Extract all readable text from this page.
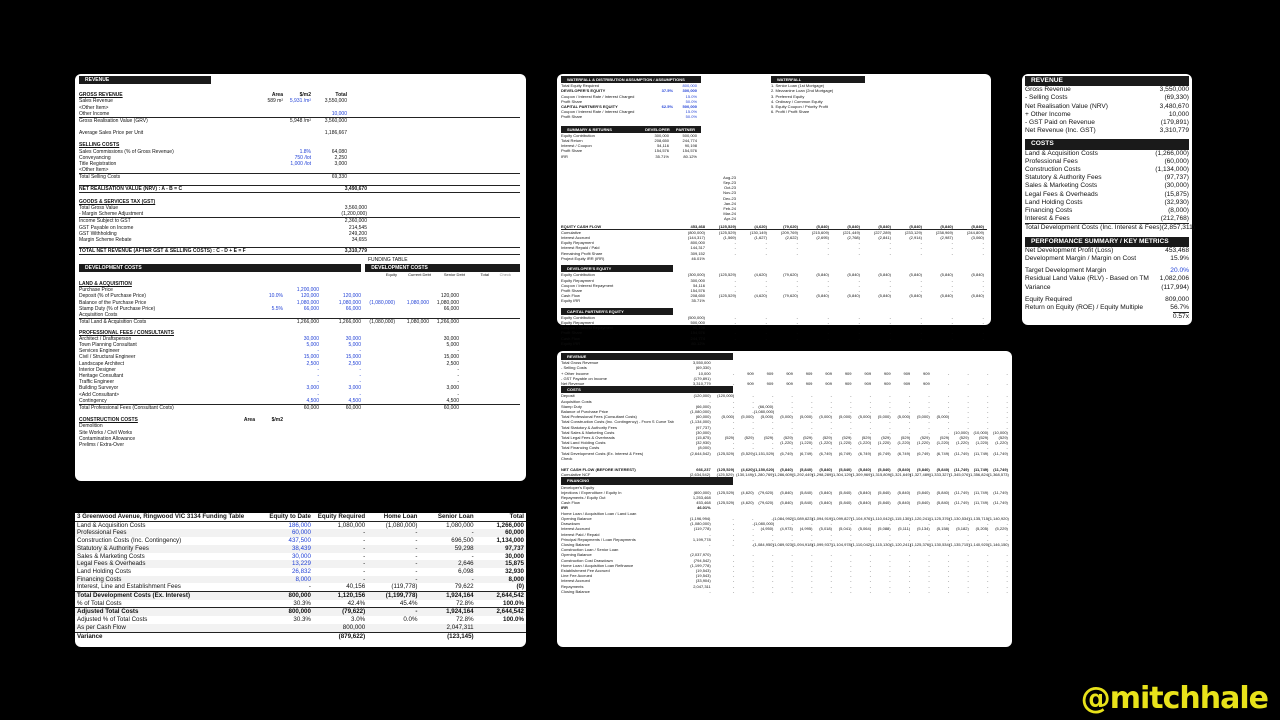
REVENUE
GROSS REVENUE	Area	$/m2	Total
Sales Revenue	589 m²	5,931 /m²	3,550,000
<Other Item>
Other Income	10,000
Gross Realisation Value (GRV)	5,948 /m²	3,560,000
Average Sales Price per Unit	1,186,667
SELLING COSTS
Sales Commissions (% of Gross Revenue)	1.8%	64,080
Conveyancing	750 /lot	2,250
Title Registration	1,000 /lot	3,000
<Other Item>
Total Selling Costs	69,330
NET REALISATION VALUE (NRV) : A - B = C	3,490,670
GOODS & SERVICES TAX (GST)
Total Gross Value	3,560,000
- Margin Scheme Adjustment	(1,200,000)
Income Subject to GST	2,360,000
GST Payable on Income	214,545
GST Withholding	249,200
Margin Scheme Rebate	34,655
TOTAL NET REVENUE (AFTER GST & SELLING COSTS) : C - D + E = F	3,310,779
FUNDING TABLE
DEVELOPMENT COSTS	DEVELOPMENT COSTS
Equity	Current Debt	Senior Debt	Total	Check
LAND & ACQUISITION
Purchase Price	1,200,000
Deposit (% of Purchase Price)	10.0%	120,000	120,000	120,000
Balance of the Purchase Price	1,080,000	1,080,000	(1,080,000)	1,080,000	1,080,000
Stamp Duty (% of Purchase Price)	5.5%	66,000	66,000	66,000
Acquisition Costs
Total Land & Acquisition Costs	1,266,000	1,266,000	(1,080,000)	1,080,000	1,266,000
PROFESSIONAL FEES / CONSULTANTS
Architect / Draftsperson	30,000	30,000	30,000
Town Planning Consultant	5,000	5,000	5,000
Services Engineer	-	-	-
Civil / Structural Engineer	15,000	15,000	15,000
Landscape Architect	2,500	2,500	2,500
Interior Designer	-	-	-
Heritage Consultant	-	-	-
Traffic Engineer	-	-	-
Building Surveyor	3,000	3,000	3,000
<Add Consultant>	-	-	-
Contingency	4,500	4,500	4,500
Total Professional Fees (Consultant Costs)	60,000	60,000	60,000
CONSTRUCTION COSTS	Area	$/m2
Demolition
Site Works / Civil Works
Contamination Allowance
Prelims / Extra-Over
3 Greenwood Avenue, Ringwood VIC 3134 Funding Table	Equity to Date	Equity Required	Home Loan	Senior Loan	Total
Land & Acquisition Costs	186,000	1,080,000	(1,080,000)	1,080,000	1,266,000
Professional Fees	60,000	-	-	-	60,000
Construction Costs (Inc. Contingency)	437,500	-	-	696,500	1,134,000
Statutory & Authority Fees	38,439	-	-	59,298	97,737
Sales & Marketing Costs	30,000	-	-	-	30,000
Legal Fees & Overheads	13,229	-	-	2,646	15,875
Land Holding Costs	26,832	-	-	6,098	32,930
Financing Costs	8,000	-	-	-	8,000
Interest, Line and Establishment Fees	-	40,156	(119,778)	79,622	(0)
Total Development Costs (Ex. Interest)	800,000	1,120,156	(1,199,778)	1,924,164	2,644,542
% of Total Costs	30.3%	42.4%	45.4%	72.8%	100.0%
Adjusted Total Costs	800,000	(79,622)	-	1,924,164	2,644,542
Adjusted % of Total Costs	30.3%	3.0%	0.0%	72.8%	100.0%
As per Cash Flow	800,000	2,047,311
Variance	(879,622)	(123,145)
REVENUE
Gross Revenue	3,550,000
- Selling Costs	(69,330)
Net Realisation Value (NRV)	3,480,670
+ Other Income	10,000
- GST Paid on Revenue	(179,891)
Net Revenue (Inc. GST)	3,310,779
COSTS
Land & Acquisition Costs	(1,266,000)
Professional Fees	(60,000)
Construction Costs	(1,134,000)
Statutory & Authority Fees	(97,737)
Sales & Marketing Costs	(30,000)
Legal Fees & Overheads	(15,875)
Land Holding Costs	(32,930)
Financing Costs	(8,000)
Interest & Fees	(212,768)
Total Development Costs (Inc. Interest & Fees) (2,857,311)
PERFORMANCE SUMMARY / KEY METRICS
Net Development Profit (Loss)	453,468
Development Margin / Margin on Cost	15.9%
Target Development Margin	20.0%
Residual Land Value (RLV) - Based on TM 1,082,006
Variance	(117,994)
Equity Required	809,000
Return on Equity (ROE) / Equity Multiple	56.7%
0.57x
WATERFALL & DISTRIBUTION ASSUMPTION / ASSUMPTIONS
Total Equity Required	800,000
DEVELOPER'S EQUITY	37.5%	300,000
Coupon / Interest Rate / Interest Charged	15.0%
Profit Share	50.0%
CAPITAL PARTNER'S EQUITY	62.5%	500,000
Coupon / Interest Rate / Interest Charged	15.0%
Profit Share	50.0%
SUMMARY & RETURNS	DEVELOPER	PARTNER
Equity Contribution	300,000	500,000
Total Return	208,650	244,774
Interest / Coupon	54,116	90,198
Profit Share	154,576	154,576
IRR	35.71%	80.12%
WATERFALL
1. Senior Loan (1st Mortgage)
2. Mezzanine Loan (2nd Mortgage)
3. Preferred Equity
4. Ordinary / Common Equity
5. Equity Coupon / Priority Profit
6. Profit / Profit Share
Aug-23
Sep-23
Oct-23
Nov-23
Dec-23
Jan-24
Feb-24
Mar-24
Apr-24
EQUITY CASH FLOW	453,468	(125,529)	(4,620)	(79,620)	(5,840)	(5,840)	(5,840)	(5,840)	(5,840)	(5,840)
Cumulative	(800,000)	(125,529)	(130,149)	(209,769)	(215,609)	(221,449)	(227,289)	(233,129)	(238,969)	(244,809)
Interest Accrued	(144,317)	(1,569)	(1,627)	(2,622)	(2,695)	(2,768)	(2,841)	(2,914)	(2,987)	(3,060)
Equity Repayment	800,000	-	-	-	-	-	-	-	-	-
Interest Repaid / Paid	144,317	-	-	-	-	-	-	-	-	-
Remaining Profit Share	309,152	-	-	-	-	-	-	-	-	-
Project Equity IRR (IRR)	46.01%
DEVELOPER'S EQUITY
Equity Contribution	(300,000)	(125,529)	(4,620)	(79,620)	(5,840)	(5,840)	(5,840)	(5,840)	(5,840)	(5,840)
Equity Repayment	300,000	-	-	-	-	-	-	-	-	-
Coupon / Interest Repayment	54,116	-	-	-	-	-	-	-	-	-
Profit Share	154,576	-	-	-	-	-	-	-	-	-
Cash Flow	208,650	(125,529)	(4,620)	(79,620)	(5,840)	(5,840)	(5,840)	(5,840)	(5,840)	(5,840)
Equity IRR	35.71%
CAPITAL PARTNER'S EQUITY
Equity Contribution	(500,000)	-	-	-	-	-	-	-	-	-
Equity Repayment	500,000	-	-	-	-	-	-	-	-	-
Coupon / Interest Repayment	90,198	-	-	-	-	-	-	-	-	-
Profit Share	154,576	-	-	-	-	-	-	-	-	-
Cash Flow	244,774	-	-	-	-	-	-	-	-	-
Equity IRR	80.12%
REVENUE
Total Gross Revenue	3,550,000
- Selling Costs	(69,330)
+ Other Income	10,000	-	909	909	909	909	909	909	909	909	909	909	-	-	-	-
- GST Payable on Income	(179,891)
Net Revenue	3,310,779	-	909	909	909	909	909	909	909	909	909	909	-	-	-	-
COSTS
Deposit	(120,000)	(120,000)	-	-	-	-	-	-	-	-	-	-	-	-	-	-
Acquisition Costs	-	-	-	-	-	-	-	-	-	-	-	-	-	-	-	-
Stamp Duty	(66,000)	-	-	(66,000)	-	-	-	-	-	-	-	-	-	-	-	-
Balance of Purchase Price	(1,080,000)	-	- (1,080,000)	-	-	-	-	-	-	-	-	-	-	-	-
Total Professional Fees (Consultant Costs)	(60,000)	(5,000)	(5,000)	(5,000)	(5,000)	(5,000)	(5,000)	(5,000)	(5,000)	(5,000)	(5,000)	(5,000)	(5,000)	-	-	-
Total Construction Costs (Inc. Contingency) - From S Curve Tab	(1,134,000)	-	-	-	-	-	-	-	-	-	-	-	-	-	-	-
Total Statutory & Authority Fees	(97,737)	-	-	-	-	-	-	-	-	-	-	-	-	-	-	-
Total Sales & Marketing Costs	(30,000)	-	-	-	-	-	-	-	-	-	-	-	-	(10,000)	(10,000)	(10,000)
Total Legal Fees & Overheads	(15,875)	(529)	(529)	(529)	(529)	(529)	(529)	(529)	(529)	(529)	(529)	(529)	(529)	(529)	(529)	(529)
Total Land Holding Costs	(32,930)	-	-	-	(1,220)	(1,220)	(1,220)	(1,220)	(1,220)	(1,220)	(1,220)	(1,220)	(1,220)	(1,220)	(1,220)	(1,220)
Total Financing Costs	(8,000)	-	-	-	-	-	-	-	-	-	-	-	-	-	-	-
Total Development Costs (Ex. Interest & Fees)	(2,644,542)	(125,529)	(5,529) (1,151,529)	(6,749)	(6,749)	(6,749)	(6,749)	(6,749)	(6,749)	(6,749)	(6,749)	(6,749)	(11,749)	(11,749)	(11,749)
Check
NET CASH FLOW (BEFORE INTEREST)	666,237	(125,529)	(4,620) (1,150,620)	(5,840)	(5,840)	(5,840)	(5,840)	(5,840)	(5,840)	(5,840)	(5,840)	(5,840)	(11,749)	(11,749)	(11,749)
Cumulative NCF	(2,634,542)	(125,529) (130,149) (1,280,769) (1,286,609) (1,292,449) (1,298,289) (1,304,129) (1,309,969) (1,315,809) (1,321,649) (1,327,489) (1,333,327) (1,345,076) (1,356,824) (1,368,573)
FINANCING
Developer's Equity
Injections / Expenditure / Equity In	(800,000)	(125,529)	(4,620)	(79,620)	(5,840)	(5,840)	(5,840)	(5,840)	(5,840)	(5,840)	(5,840)	(5,840)	(5,840)	(11,749)	(11,749)	(11,749)
Repayments / Equity Out	1,253,468
Cash Flow	453,468	(125,529)	(4,620)	(79,620)	(5,840)	(5,840)	(5,840)	(5,840)	(5,840)	(5,840)	(5,840)	(5,840)	(5,840)	(11,749)	(11,749)	(11,749)
IRR	46.01%
Home Loan / Acquisition Loan / Land Loan
Opening Balance	(1,196,994)	-	-	- (1,084,992) (1,089,623) (1,094,919) (1,099,827) (1,104,976) (1,110,042) (1,115,130) (1,120,241) (1,125,376) (1,130,534) (1,135,715) (1,140,920)
Drawdown	(1,080,000)	-	- (1,080,000)	-	-	-	-	-	-	-	-	-	-	-	-
Interest Accrued	(119,778)	-	-	(4,950)	(4,973)	(4,995)	(5,018)	(5,041)	(5,064)	(5,088)	(5,111)	(5,134)	(5,158)	(5,182)	(5,205)	(5,229)
Interest Paid / Repaid	-	-	-	-	-	-	-	-	-	-	-	-	-	-	-	-
Principal Repayments / Loan Repayments	1,199,778	-	-	-	-	-	-	-	-	-	-	-	-	-	-	-
Closing Balance	-	-	- (1,084,950) (1,089,923) (1,094,918) (1,099,937) (1,104,978) (1,110,042) (1,115,130) (1,120,241) (1,125,376) (1,130,534) (1,135,715) (1,140,920) (1,146,150)
Construction Loan / Senior Loan
Opening Balance	(2,037,970)	-	-	-	-	-	-	-	-	-	-	-	-	-	-	-
Construction Cost Drawdown	(794,542)	-	-	-	-	-	-	-	-	-	-	-	-	-	-	-
Home Loan / Acquisition Loan Refinance	(1,199,778)	-	-	-	-	-	-	-	-	-	-	-	-	-	-	-
Establishment Fee Accrued	(19,543)	-	-	-	-	-	-	-	-	-	-	-	-	-	-	-
Line Fee Accrued	(19,543)	-	-	-	-	-	-	-	-	-	-	-	-	-	-	-
Interest Accrued	(33,904)	-	-	-	-	-	-	-	-	-	-	-	-	-	-	-
Repayments	2,047,311	-	-	-	-	-	-	-	-	-	-	-	-	-	-	-
Closing Balance	-	-	-	-	-	-	-	-	-	-	-	-	-	-	-	-
@mitchhale
